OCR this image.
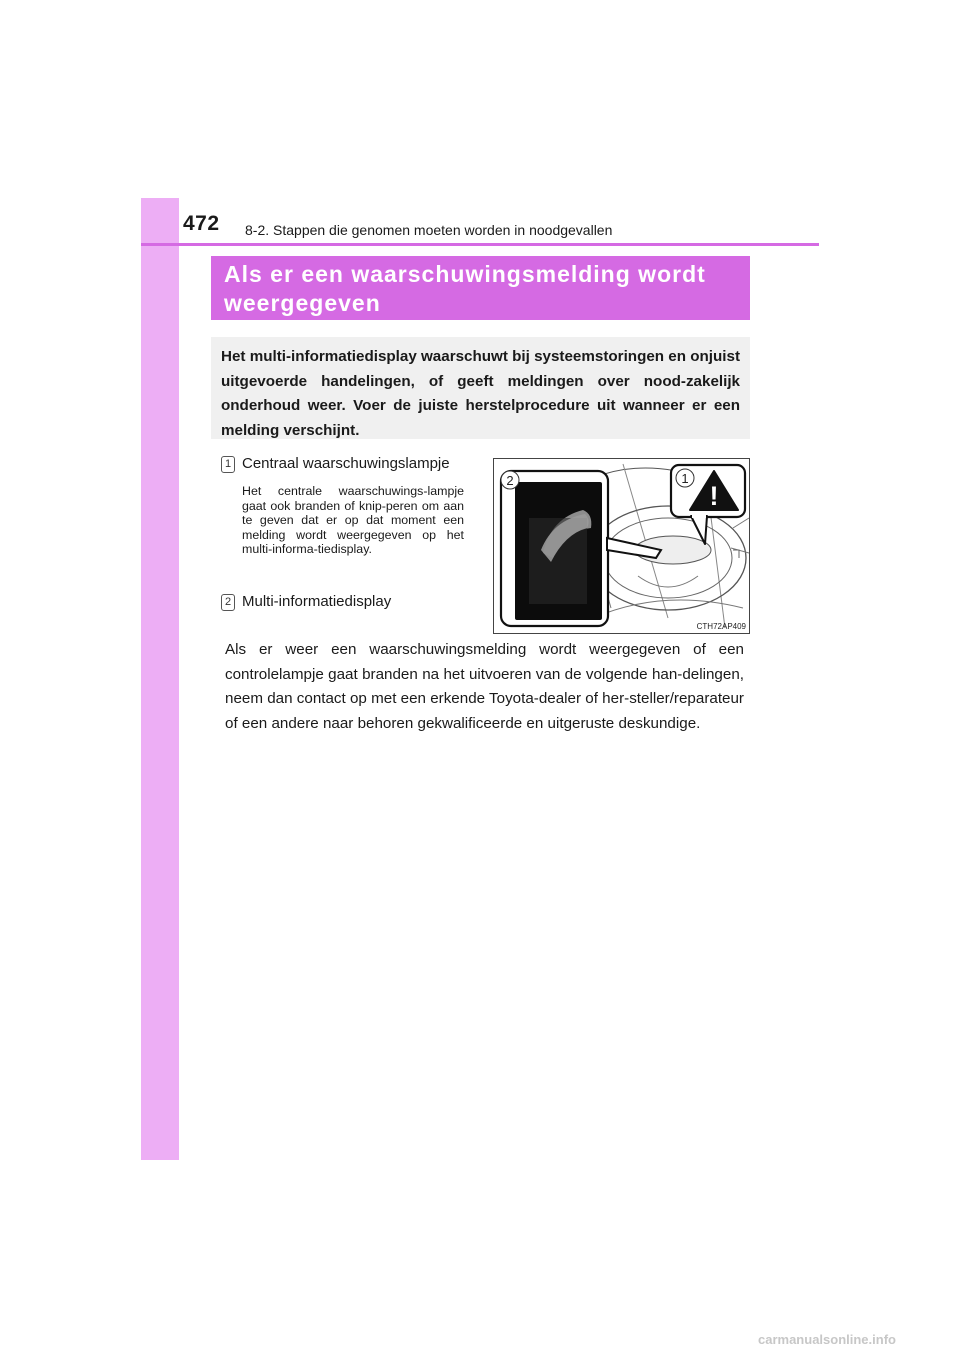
472 8-2. Stappen die genomen moeten worden in noodgevallen
Als er een waarschuwingsmelding wordt weergegeven
Het multi-informatiedisplay waarschuwt bij systeemstoringen en onjuist uitgevoerde handelingen, of geeft meldingen over nood-zakelijk onderhoud weer. Voer de juiste herstelprocedure uit wanneer er een melding verschijnt.
1 Centraal waarschuwingslampje
Het centrale waarschuwings-lampje gaat ook branden of knip-peren om aan te geven dat er op dat moment een melding wordt weergegeven op het multi-informa-tiedisplay.
2 Multi-informatiedisplay
!
1
2
CTH72AP409
Als er weer een waarschuwingsmelding wordt weergegeven of een controlelampje gaat branden na het uitvoeren van de volgende han-delingen, neem dan contact op met een erkende Toyota-dealer of her-steller/reparateur of een andere naar behoren gekwalificeerde en uitgeruste deskundige.
carmanualsonline.info
